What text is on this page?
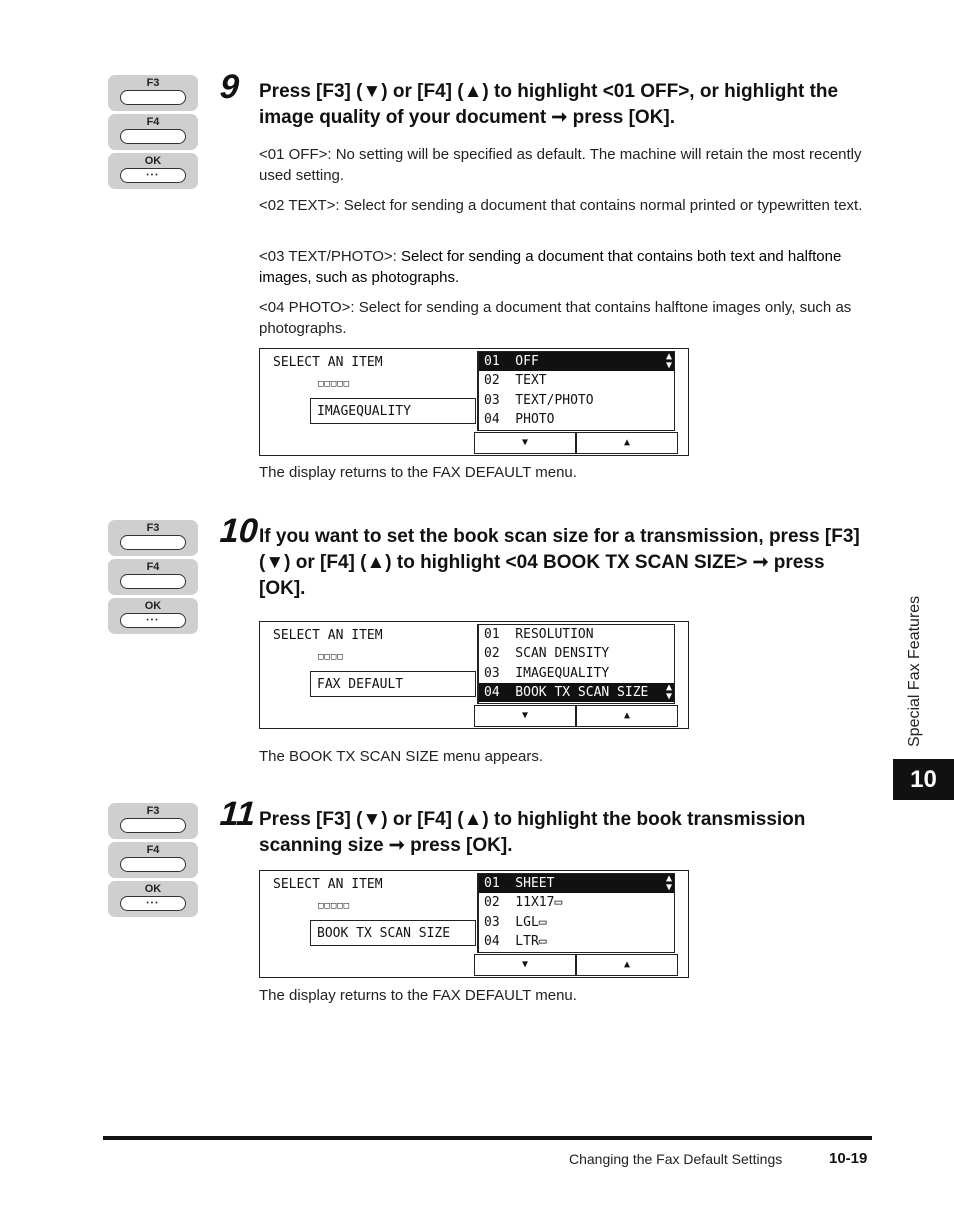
F3
F4
OK
•••
9 Press [F3] (▼) or [F4] (▲) to highlight <01 OFF>, or highlight the image quality of your document ➞ press [OK].
<01 OFF>: No setting will be specified as default. The machine will retain the most recently used setting.
<02 TEXT>: Select for sending a document that contains normal printed or typewritten text.
<03 TEXT/PHOTO>: Select for sending a document that contains both text and halftone images, such as photographs.
<04 PHOTO>: Select for sending a document that contains halftone images only, such as photographs.
SELECT AN ITEM
□□□□□
IMAGEQUALITY
01  OFF	▲
▼
02  TEXT
03  TEXT/PHOTO
04  PHOTO
▼	▲
The display returns to the FAX DEFAULT menu.
F3
F4
OK
•••
10 If you want to set the book scan size for a transmission, press [F3] (▼) or [F4] (▲) to highlight <04 BOOK TX SCAN SIZE> ➞ press [OK].
SELECT AN ITEM
□□□□
FAX DEFAULT
01  RESOLUTION
02  SCAN DENSITY
03  IMAGEQUALITY
04  BOOK TX SCAN SIZE ▲
▼
▼	▲
The BOOK TX SCAN SIZE menu appears.
F3
F4
OK
•••
11 Press [F3] (▼) or [F4] (▲) to highlight the book transmission scanning size ➞ press [OK].
SELECT AN ITEM
□□□□□
BOOK TX SCAN SIZE
01  SHEET	▲
▼
02  11X17▭
03  LGL▭
04  LTR▭
▼	▲
The display returns to the FAX DEFAULT menu.
Special Fax Features
10
Changing the Fax Default Settings	10-19
